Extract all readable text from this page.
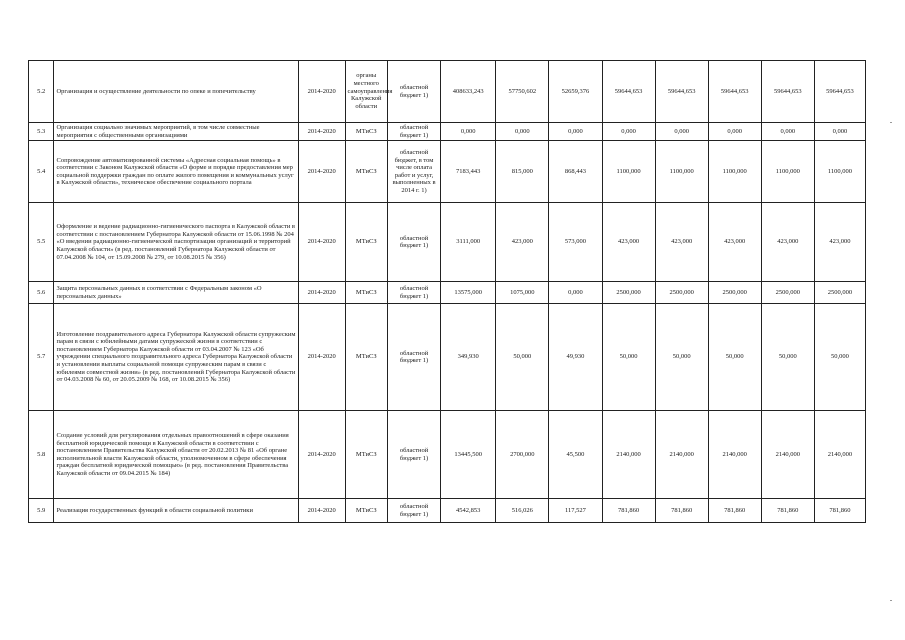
5.2	Организация и осуществление деятельности по опеке и попечительству	2014-2020	органы местного самоуправления Калужской области	областной бюджет 1)	408633,243	57750,602	52659,376	59644,653	59644,653	59644,653	59644,653	59644,653
5.3	Организация социально значимых мероприятий, в том числе совместные мероприятия с общественными организациями	2014-2020	МТиСЗ	областной бюджет 1)	0,000	0,000	0,000	0,000	0,000	0,000	0,000	0,000
5.4	Сопровождение автоматизированной системы «Адресная социальная помощь» в соответствии с Законом Калужской области «О форме и порядке предоставления мер социальной поддержки граждан по оплате жилого помещения и коммунальных услуг в Калужской области», техническое обеспечение социального портала	2014-2020	МТиСЗ	областной бюджет, в том числе оплата работ и услуг, выполненных в 2014 г. 1)	7183,443	815,000	868,443	1100,000	1100,000	1100,000	1100,000	1100,000
5.5	Оформление и ведение радиационно-гигиенического паспорта в Калужской области в соответствии с постановлением Губернатора Калужской области от 15.06.1998 № 204 «О введении радиационно-гигиенической паспортизации организаций и территорий Калужской области» (в ред. постановлений Губернатора Калужской области от 07.04.2008 № 104, от 15.09.2008 № 279, от 10.08.2015 № 356)	2014-2020	МТиСЗ	областной бюджет 1)	3111,000	423,000	573,000	423,000	423,000	423,000	423,000	423,000
5.6	Защита персональных данных в соответствии с Федеральным законом «О персональных данных»	2014-2020	МТиСЗ	областной бюджет 1)	13575,000	1075,000	0,000	2500,000	2500,000	2500,000	2500,000	2500,000
5.7	Изготовление поздравительного адреса Губернатора Калужской области супружеским парам в связи с юбилейными датами супружеской жизни в соответствии с постановлением Губернатора Калужской области от 03.04.2007 № 123 «Об учреждении специального поздравительного адреса Губернатора Калужской области и установлении выплаты социальной помощи супружеским парам в связи с юбилеями совместной жизни» (в ред. постановлений Губернатора Калужской области от 04.03.2008 № 60, от 20.05.2009 № 168, от 10.08.2015 № 356)	2014-2020	МТиСЗ	областной бюджет 1)	349,930	50,000	49,930	50,000	50,000	50,000	50,000	50,000
5.8	Создание условий для регулирования отдельных правоотношений в сфере оказания бесплатной юридической помощи в Калужской области в соответствии с постановлением Правительства Калужской области от 20.02.2013 № 81 «Об органе исполнительной власти Калужской области, уполномоченном в сфере обеспечения граждан бесплатной юридической помощью» (в ред. постановления Правительства Калужской области от 09.04.2015 № 184)	2014-2020	МТиСЗ	областной бюджет 1)	13445,500	2700,000	45,500	2140,000	2140,000	2140,000	2140,000	2140,000
5.9	Реализация государственных функций в области социальной политики	2014-2020	МТиСЗ	областной бюджет 1)	4542,853	516,026	117,527	781,860	781,860	781,860	781,860	781,860
